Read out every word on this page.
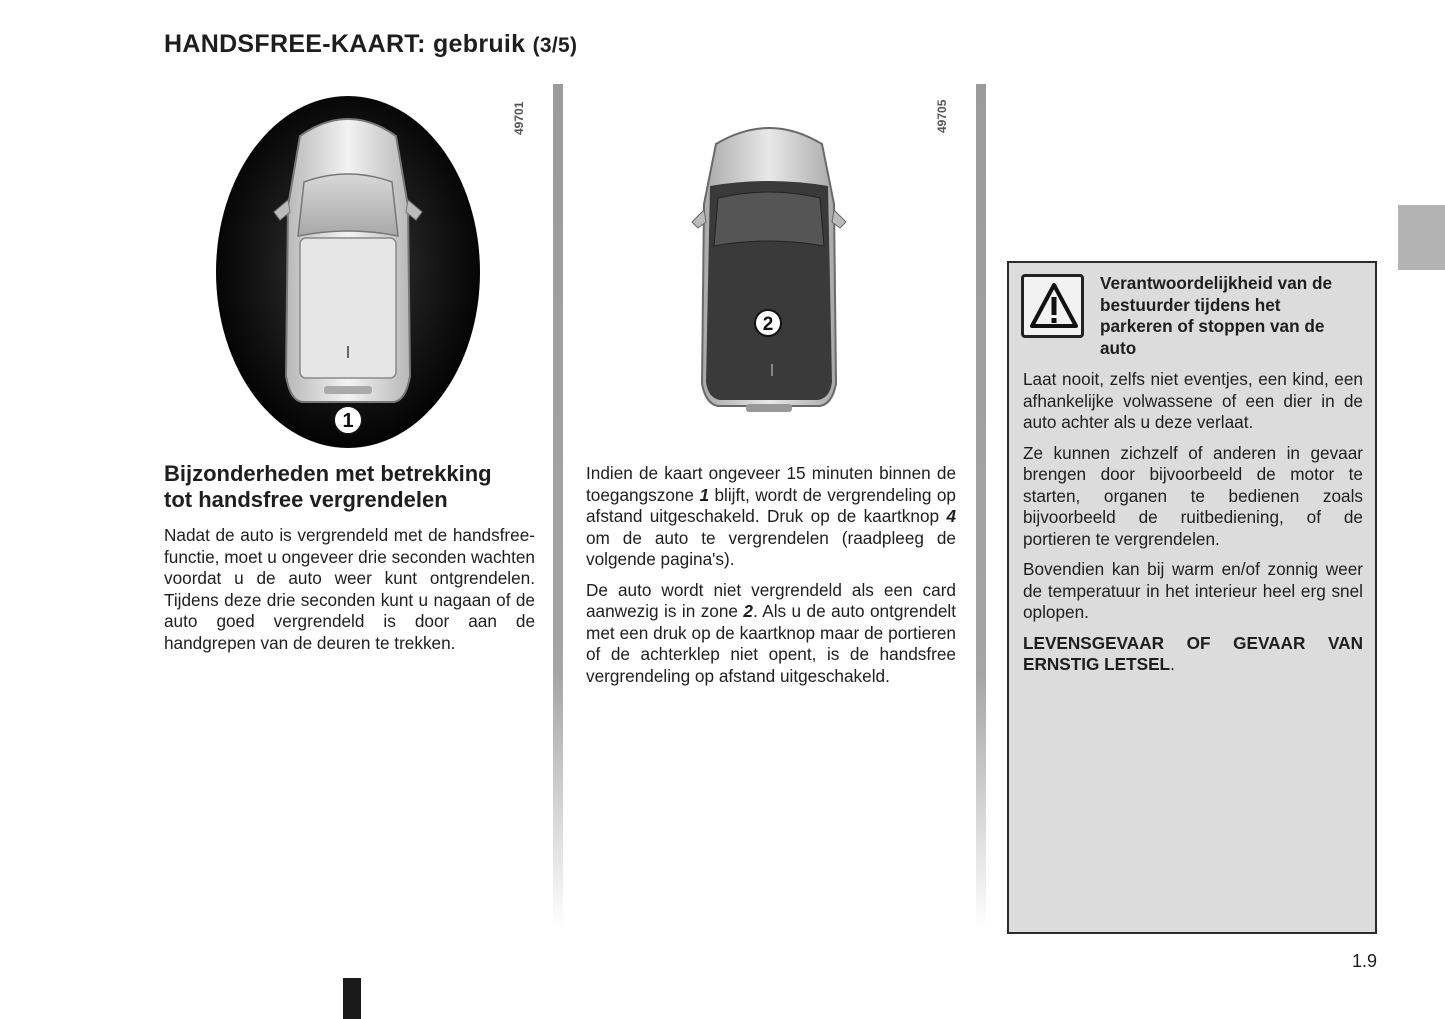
HANDSFREE-KAART: gebruik (3/5)
1
49701
2
49705
Bijzonderheden met betrekking
tot handsfree vergrendelen

Nadat de auto is vergrendeld met de handsfree-functie, moet u ongeveer drie seconden wachten voordat u de auto weer kunt ontgrendelen. Tijdens deze drie seconden kunt u nagaan of de auto goed vergrendeld is door aan de handgrepen van de deuren te trekken.

Indien de kaart ongeveer 15 minuten binnen de toegangszone 1 blijft, wordt de vergrendeling op afstand uitgeschakeld. Druk op de kaartknop 4 om de auto te vergrendelen (raadpleeg de volgende pagina's).

De auto wordt niet vergrendeld als een card aanwezig is in zone 2. Als u de auto ontgrendelt met een druk op de kaartknop maar de portieren of de achterklep niet opent, is de handsfree vergrendeling op afstand uitgeschakeld.

Verantwoordelijkheid van de bestuurder tijdens het parkeren of stoppen van de auto

Laat nooit, zelfs niet eventjes, een kind, een afhankelijke volwassene of een dier in de auto achter als u deze verlaat.

Ze kunnen zichzelf of anderen in gevaar brengen door bijvoorbeeld de motor te starten, organen te bedienen zoals bijvoorbeeld de ruitbediening, of de portieren te vergrendelen.

Bovendien kan bij warm en/of zonnig weer de temperatuur in het interieur heel erg snel oplopen.

LEVENSGEVAAR OF GEVAAR VAN ERNSTIG LETSEL.

1.9
